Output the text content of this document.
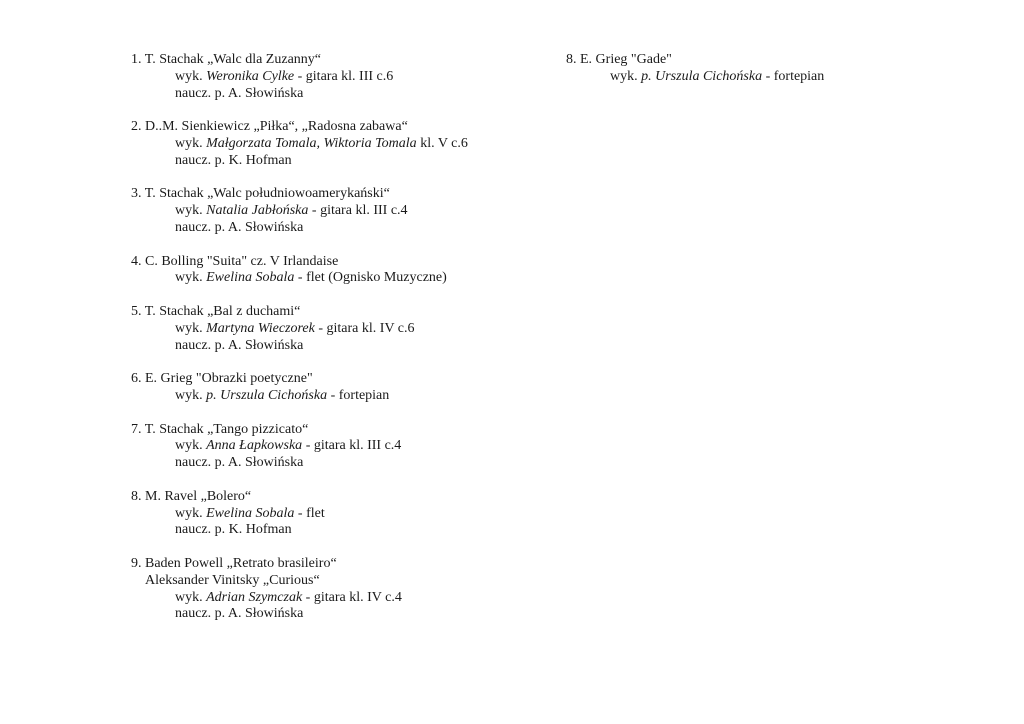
1. T. Stachak „Walc dla Zuzanny“
wyk. Weronika Cylke - gitara kl. III c.6
naucz. p. A. Słowińska
2. D..M. Sienkiewicz „Piłka“, „Radosna zabawa“
wyk. Małgorzata Tomala, Wiktoria Tomala kl. V c.6
naucz. p. K. Hofman
3. T. Stachak „Walc południowoamerykański“
wyk. Natalia Jabłońska - gitara kl. III c.4
naucz. p. A. Słowińska
4. C. Bolling "Suita" cz. V Irlandaise
wyk. Ewelina Sobala - flet (Ognisko Muzyczne)
5. T. Stachak „Bal z duchami“
wyk. Martyna Wieczorek - gitara kl. IV c.6
naucz. p. A. Słowińska
6. E. Grieg "Obrazki poetyczne"
wyk. p. Urszula Cichońska - fortepian
7. T. Stachak „Tango pizzicato“
wyk. Anna Łapkowska - gitara kl. III c.4
naucz. p. A. Słowińska
8. M. Ravel „Bolero“
wyk. Ewelina Sobala - flet
naucz. p. K. Hofman
9. Baden Powell „Retrato brasileiro“
Aleksander Vinitsky „Curious“
wyk. Adrian Szymczak - gitara kl. IV c.4
naucz. p. A. Słowińska
8. E. Grieg "Gade"
wyk. p. Urszula Cichońska - fortepian
